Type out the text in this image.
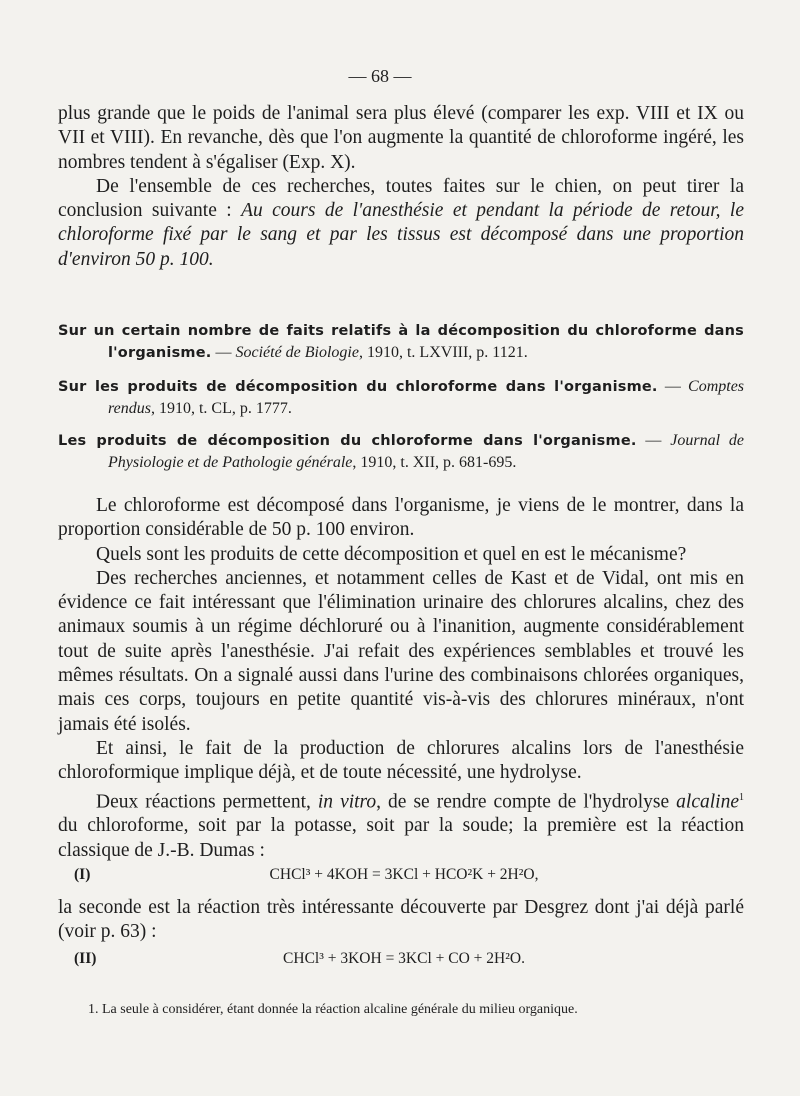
— 68 —

plus grande que le poids de l'animal sera plus élevé (comparer les exp. VIII et IX ou VII et VIII). En revanche, dès que l'on augmente la quantité de chloroforme ingéré, les nombres tendent à s'égaliser (Exp. X).

De l'ensemble de ces recherches, toutes faites sur le chien, on peut tirer la conclusion suivante : Au cours de l'anesthésie et pendant la période de retour, le chloroforme fixé par le sang et par les tissus est décomposé dans une proportion d'environ 50 p. 100.

Sur un certain nombre de faits relatifs à la décomposition du chloroforme dans l'organisme. — Société de Biologie, 1910, t. LXVIII, p. 1121.

Sur les produits de décomposition du chloroforme dans l'organisme. — Comptes rendus, 1910, t. CL, p. 1777.

Les produits de décomposition du chloroforme dans l'organisme. — Journal de Physiologie et de Pathologie générale, 1910, t. XII, p. 681-695.

Le chloroforme est décomposé dans l'organisme, je viens de le montrer, dans la proportion considérable de 50 p. 100 environ.

Quels sont les produits de cette décomposition et quel en est le mécanisme?

Des recherches anciennes, et notamment celles de Kast et de Vidal, ont mis en évidence ce fait intéressant que l'élimination urinaire des chlorures alcalins, chez des animaux soumis à un régime déchloruré ou à l'inanition, augmente considérablement tout de suite après l'anesthésie. J'ai refait des expériences semblables et trouvé les mêmes résultats. On a signalé aussi dans l'urine des combinaisons chlorées organiques, mais ces corps, toujours en petite quantité vis-à-vis des chlorures minéraux, n'ont jamais été isolés.

Et ainsi, le fait de la production de chlorures alcalins lors de l'anesthésie chloroformique implique déjà, et de toute nécessité, une hydrolyse.

Deux réactions permettent, in vitro, de se rendre compte de l'hydrolyse alcaline$^1$ du chloroforme, soit par la potasse, soit par la soude; la première est la réaction classique de J.-B. Dumas :

(I)	CHCl³ + 4KOH = 3KCl + HCO²K + 2H²O,

la seconde est la réaction très intéressante découverte par Desgrez dont j'ai déjà parlé (voir p. 63) :

(II)	CHCl³ + 3KOH = 3KCl + CO + 2H²O.
1. La seule à considérer, étant donnée la réaction alcaline générale du milieu organique.
